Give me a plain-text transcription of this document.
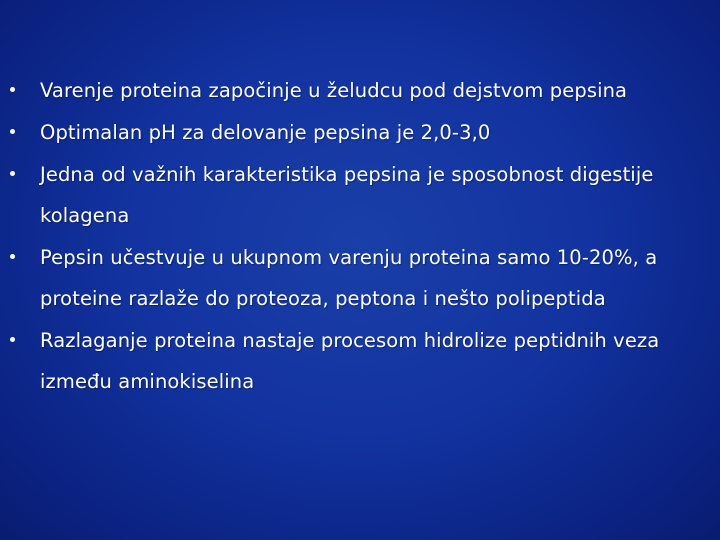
Varenje proteina započinje u želudcu pod dejstvom pepsina
Optimalan pH za delovanje pepsina je 2,0-3,0
Jedna od važnih karakteristika pepsina je sposobnost digestije kolagena
Pepsin učestvuje u ukupnom varenju proteina samo 10-20%, a proteine razlaže do proteoza, peptona i nešto polipeptida
Razlaganje proteina nastaje procesom hidrolize peptidnih veza između aminokiselina
